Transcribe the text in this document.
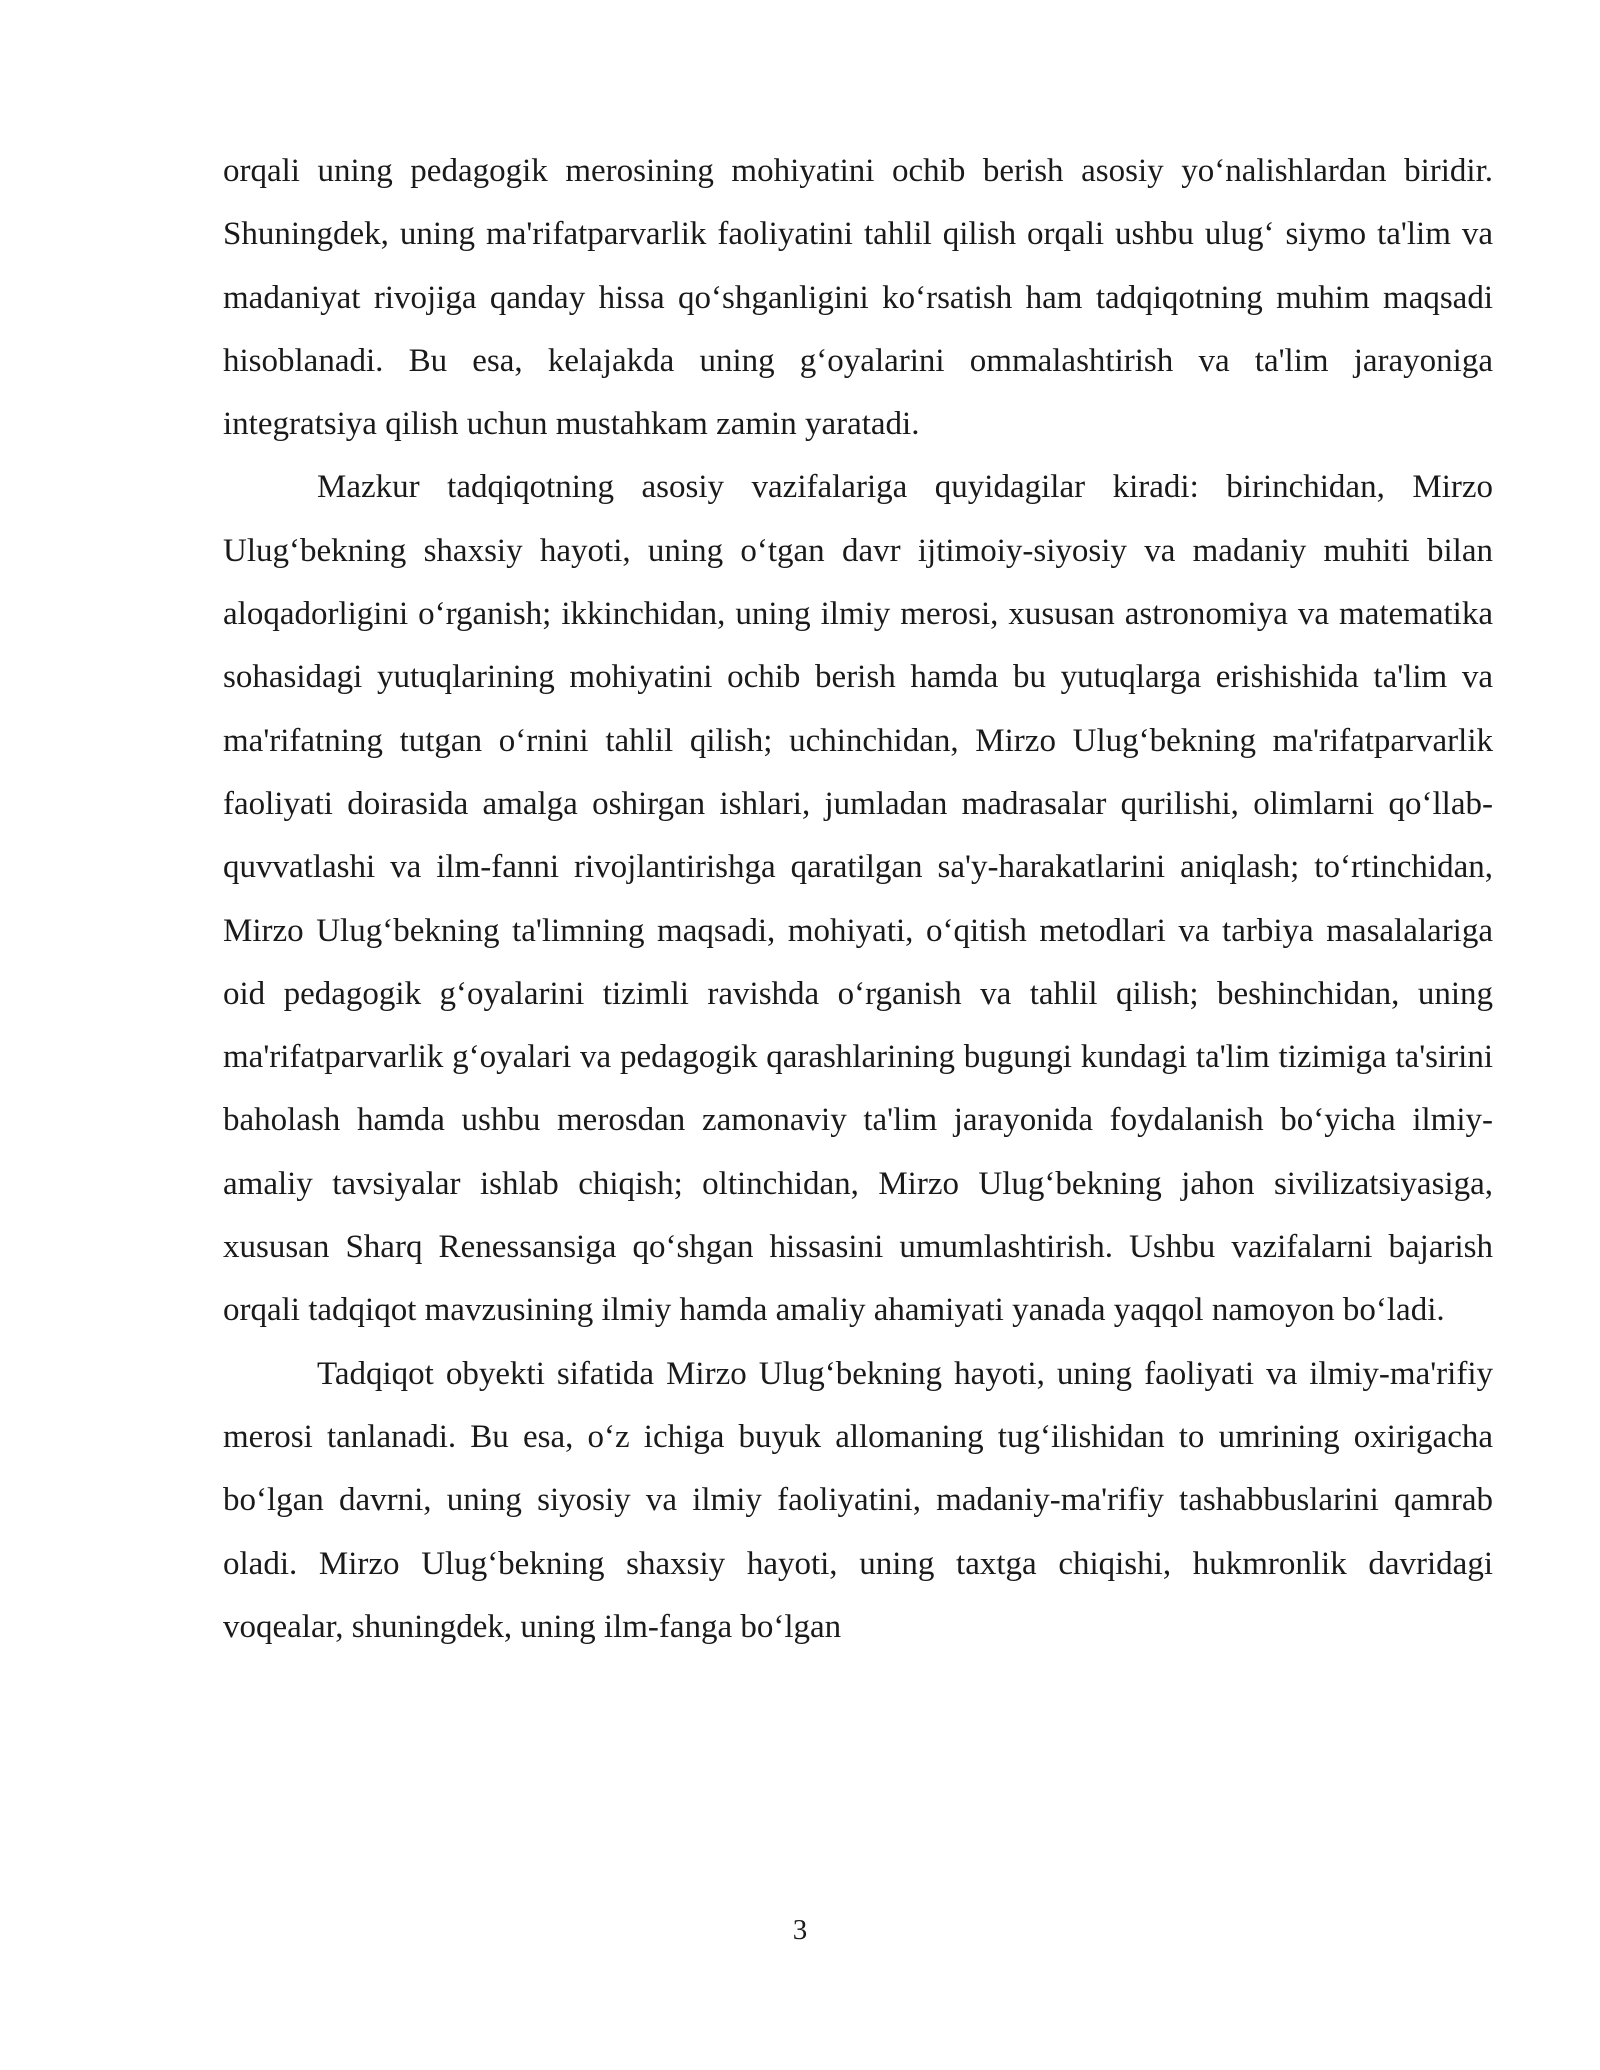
orqali uning pedagogik merosining mohiyatini ochib berish asosiy yo‘nalishlardan biridir. Shuningdek, uning ma'rifatparvarlik faoliyatini tahlil qilish orqali ushbu ulug‘ siymo ta'lim va madaniyat rivojiga qanday hissa qo‘shganligini ko‘rsatish ham tadqiqotning muhim maqsadi hisoblanadi. Bu esa, kelajakda uning g‘oyalarini ommalashtirish va ta'lim jarayoniga integratsiya qilish uchun mustahkam zamin yaratadi.

Mazkur tadqiqotning asosiy vazifalariga quyidagilar kiradi: birinchidan, Mirzo Ulug‘bekning shaxsiy hayoti, uning o‘tgan davr ijtimoiy-siyosiy va madaniy muhiti bilan aloqadorligini o‘rganish; ikkinchidan, uning ilmiy merosi, xususan astronomiya va matematika sohasidagi yutuqlarining mohiyatini ochib berish hamda bu yutuqlarga erishishida ta'lim va ma'rifatning tutgan o‘rnini tahlil qilish; uchinchidan, Mirzo Ulug‘bekning ma'rifatparvarlik faoliyati doirasida amalga oshirgan ishlari, jumladan madrasalar qurilishi, olimlarni qo‘llab-quvvatlashi va ilm-fanni rivojlantirishga qaratilgan sa'y-harakatlarini aniqlash; to‘rtinchidan, Mirzo Ulug‘bekning ta'limning maqsadi, mohiyati, o‘qitish metodlari va tarbiya masalalariga oid pedagogik g‘oyalarini tizimli ravishda o‘rganish va tahlil qilish; beshinchidan, uning ma'rifatparvarlik g‘oyalari va pedagogik qarashlarining bugungi kundagi ta'lim tizimiga ta'sirini baholash hamda ushbu merosdan zamonaviy ta'lim jarayonida foydalanish bo‘yicha ilmiy-amaliy tavsiyalar ishlab chiqish; oltinchidan, Mirzo Ulug‘bekning jahon sivilizatsiyasiga, xususan Sharq Renessansiga qo‘shgan hissasini umumlashtirish. Ushbu vazifalarni bajarish orqali tadqiqot mavzusining ilmiy hamda amaliy ahamiyati yanada yaqqol namoyon bo‘ladi.

Tadqiqot obyekti sifatida Mirzo Ulug‘bekning hayoti, uning faoliyati va ilmiy-ma'rifiy merosi tanlanadi. Bu esa, o‘z ichiga buyuk allomaning tug‘ilishidan to umrining oxirigacha bo‘lgan davrni, uning siyosiy va ilmiy faoliyatini, madaniy-ma'rifiy tashabbuslarini qamrab oladi. Mirzo Ulug‘bekning shaxsiy hayoti, uning taxtga chiqishi, hukmronlik davridagi voqealar, shuningdek, uning ilm-fanga bo‘lgan

3
